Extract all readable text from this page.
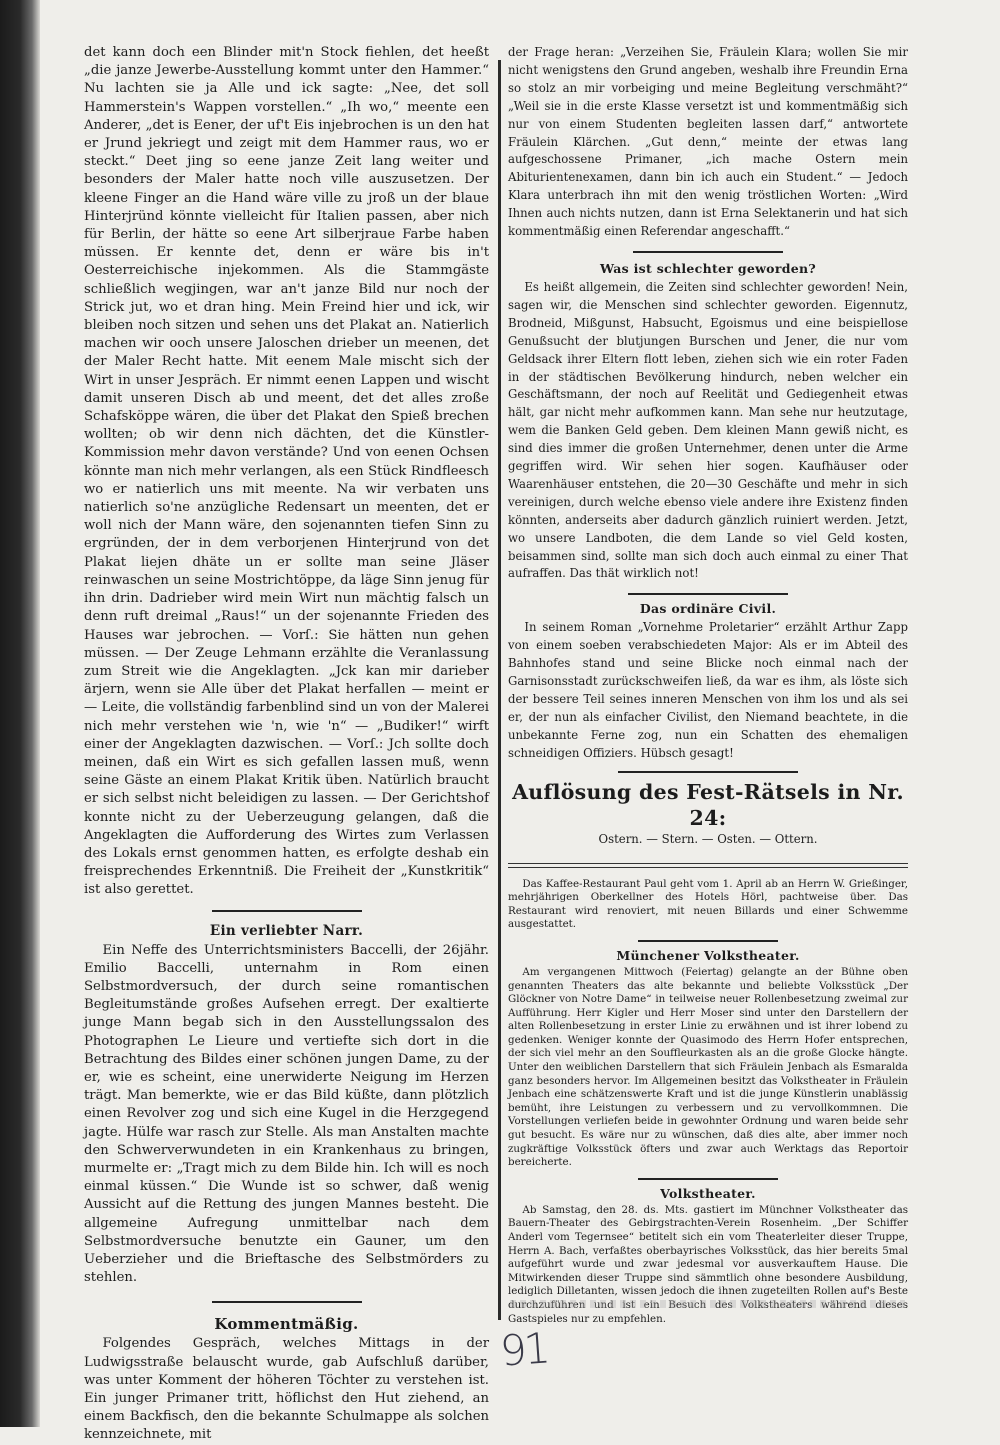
det kann doch een Blinder mit'n Stock fiehlen, det heeßt „die janze Jewerbe-Ausstellung kommt unter den Hammer.“ Nu lachten sie ja Alle und ick sagte: „Nee, det soll Hammerstein's Wappen vorstellen.“ „Ih wo,“ meente een Anderer, „det is Eener, der uf't Eis injebrochen is un den hat er Jrund jekriegt und zeigt mit dem Hammer raus, wo er steckt.“ Deet jing so eene janze Zeit lang weiter und besonders der Maler hatte noch ville auszusetzen. Der kleene Finger an die Hand wäre ville zu jroß un der blaue Hinterjründ könnte vielleicht für Italien passen, aber nich für Berlin, der hätte so eene Art silberjraue Farbe haben müssen. Er kennte det, denn er wäre bis in't Oesterreichische injekommen. Als die Stammgäste schließlich wegjingen, war an't janze Bild nur noch der Strick jut, wo et dran hing. Mein Freind hier und ick, wir bleiben noch sitzen und sehen uns det Plakat an. Natierlich machen wir ooch unsere Jaloschen drieber un meenen, det der Maler Recht hatte. Mit eenem Male mischt sich der Wirt in unser Jespräch. Er nimmt eenen Lappen und wischt damit unseren Disch ab und meent, det det alles zroße Schafsköppe wären, die über det Plakat den Spieß brechen wollten; ob wir denn nich dächten, det die Künstler-Kommission mehr davon verstände? Und von eenen Ochsen könnte man nich mehr verlangen, als een Stück Rindfleesch wo er natierlich uns mit meente. Na wir verbaten uns natierlich so'ne anzügliche Redensart un meenten, det er woll nich der Mann wäre, den sojenannten tiefen Sinn zu ergründen, der in dem verborjenen Hinterjrund von det Plakat liejen dhäte un er sollte man seine Jläser reinwaschen un seine Mostrichtöppe, da läge Sinn jenug für ihn drin. Dadrieber wird mein Wirt nun mächtig falsch un denn ruft dreimal „Raus!“ un der sojenannte Frieden des Hauses war jebrochen. — Vorſ.: Sie hätten nun gehen müssen. — Der Zeuge Lehmann erzählte die Veranlassung zum Streit wie die Angeklagten. „Jck kan mir darieber ärjern, wenn sie Alle über det Plakat herfallen — meint er — Leite, die vollständig farbenblind sind un von der Malerei nich mehr verstehen wie 'n, wie 'n“ — „Budiker!“ wirft einer der Angeklagten dazwischen. — Vorſ.: Jch sollte doch meinen, daß ein Wirt es sich gefallen lassen muß, wenn seine Gäste an einem Plakat Kritik üben. Natürlich braucht er sich selbst nicht beleidigen zu lassen. — Der Gerichtshof konnte nicht zu der Ueberzeugung gelangen, daß die Angeklagten die Aufforderung des Wirtes zum Verlassen des Lokals ernst genommen hatten, es erfolgte deshab ein freisprechendes Erkenntniß. Die Freiheit der „Kunstkritik“ ist also gerettet.

Ein verliebter Narr.

Ein Neffe des Unterrichtsministers Baccelli, der 26jähr. Emilio Baccelli, unternahm in Rom einen Selbstmordversuch, der durch seine romantischen Begleitumstände großes Aufsehen erregt. Der exaltierte junge Mann begab sich in den Ausstellungssalon des Photographen Le Lieure und vertiefte sich dort in die Betrachtung des Bildes einer schönen jungen Dame, zu der er, wie es scheint, eine unerwiderte Neigung im Herzen trägt. Man bemerkte, wie er das Bild küßte, dann plötzlich einen Revolver zog und sich eine Kugel in die Herzgegend jagte. Hülfe war rasch zur Stelle. Als man Anstalten machte den Schwerverwundeten in ein Krankenhaus zu bringen, murmelte er: „Tragt mich zu dem Bilde hin. Ich will es noch einmal küssen.“ Die Wunde ist so schwer, daß wenig Aussicht auf die Rettung des jungen Mannes besteht. Die allgemeine Aufregung unmittelbar nach dem Selbstmordversuche benutzte ein Gauner, um den Ueberzieher und die Brieftasche des Selbstmörders zu stehlen.

Kommentmäßig.

Folgendes Gespräch, welches Mittags in der Ludwigsstraße belauscht wurde, gab Aufschluß darüber, was unter Komment der höheren Töchter zu verstehen ist. Ein junger Primaner tritt, höflichst den Hut ziehend, an einem Backfisch, den die bekannte Schulmappe als solchen kennzeichnete, mit

der Frage heran: „Verzeihen Sie, Fräulein Klara; wollen Sie mir nicht wenigstens den Grund angeben, weshalb ihre Freundin Erna so stolz an mir vorbeiging und meine Begleitung verschmäht?“ „Weil sie in die erste Klasse versetzt ist und kommentmäßig sich nur von einem Studenten begleiten lassen darf,“ antwortete Fräulein Klärchen. „Gut denn,“ meinte der etwas lang aufgeschossene Primaner, „ich mache Ostern mein Abiturientenexamen, dann bin ich auch ein Student.“ — Jedoch Klara unterbrach ihn mit den wenig tröstlichen Worten: „Wird Ihnen auch nichts nutzen, dann ist Erna Selektanerin und hat sich kommentmäßig einen Referendar angeschafft.“

Was ist schlechter geworden?

Es heißt allgemein, die Zeiten sind schlechter geworden! Nein, sagen wir, die Menschen sind schlechter geworden. Eigennutz, Brodneid, Mißgunst, Habsucht, Egoismus und eine beispiellose Genußsucht der blutjungen Burschen und Jener, die nur vom Geldsack ihrer Eltern flott leben, ziehen sich wie ein roter Faden in der städtischen Bevölkerung hindurch, neben welcher ein Geschäftsmann, der noch auf Reelität und Gediegenheit etwas hält, gar nicht mehr aufkommen kann. Man sehe nur heutzutage, wem die Banken Geld geben. Dem kleinen Mann gewiß nicht, es sind dies immer die großen Unternehmer, denen unter die Arme gegriffen wird. Wir sehen hier sogen. Kaufhäuser oder Waarenhäuser entstehen, die 20—30 Geschäfte und mehr in sich vereinigen, durch welche ebenso viele andere ihre Existenz finden könnten, anderseits aber dadurch gänzlich ruiniert werden. Jetzt, wo unsere Landboten, die dem Lande so viel Geld kosten, beisammen sind, sollte man sich doch auch einmal zu einer That aufraffen. Das thät wirklich not!

Das ordinäre Civil.

In seinem Roman „Vornehme Proletarier“ erzählt Arthur Zapp von einem soeben verabschiedeten Major: Als er im Abteil des Bahnhofes stand und seine Blicke noch einmal nach der Garnisonsstadt zurückschweifen ließ, da war es ihm, als löste sich der bessere Teil seines inneren Menschen von ihm los und als sei er, der nun als einfacher Civilist, den Niemand beachtete, in die unbekannte Ferne zog, nun ein Schatten des ehemaligen schneidigen Offiziers. Hübsch gesagt!

Auflösung des Fest-Rätsels in Nr. 24:

Ostern. — Stern. — Osten. — Ottern.

Das Kaffee-Restaurant Paul geht vom 1. April ab an Herrn W. Grießinger, mehrjährigen Oberkellner des Hotels Hörl, pachtweise über. Das Restaurant wird renoviert, mit neuen Billards und einer Schwemme ausgestattet.

Münchener Volkstheater.

Am vergangenen Mittwoch (Feiertag) gelangte an der Bühne oben genannten Theaters das alte bekannte und beliebte Volksstück „Der Glöckner von Notre Dame“ in teilweise neuer Rollenbesetzung zweimal zur Aufführung. Herr Kigler und Herr Moser sind unter den Darstellern der alten Rollenbesetzung in erster Linie zu erwähnen und ist ihrer lobend zu gedenken. Weniger konnte der Quasimodo des Herrn Hofer entsprechen, der sich viel mehr an den Souffleurkasten als an die große Glocke hängte. Unter den weiblichen Darstellern that sich Fräulein Jenbach als Esmaralda ganz besonders hervor. Im Allgemeinen besitzt das Volkstheater in Fräulein Jenbach eine schätzenswerte Kraft und ist die junge Künstlerin unablässig bemüht, ihre Leistungen zu verbessern und zu vervollkommnen. Die Vorstellungen verliefen beide in gewohnter Ordnung und waren beide sehr gut besucht. Es wäre nur zu wünschen, daß dies alte, aber immer noch zugkräftige Volksstück öfters und zwar auch Werktags das Reportoir bereicherte.

Volkstheater.

Ab Samstag, den 28. ds. Mts. gastiert im Münchner Volkstheater das Bauern-Theater des Gebirgstrachten-Verein Rosenheim. „Der Schiffer Anderl vom Tegernsee“ betitelt sich ein vom Theaterleiter dieser Truppe, Herrn A. Bach, verfaßtes oberbayrisches Volksstück, das hier bereits 5mal aufgeführt wurde und zwar jedesmal vor ausverkauftem Hause. Die Mitwirkenden dieser Truppe sind sämmtlich ohne besondere Ausbildung, lediglich Dilletanten, wissen jedoch die ihnen zugeteilten Rollen auf's Beste durchzuführen und ist ein Besuch des Volkstheaters während dieses Gastspieles nur zu empfehlen.

91
